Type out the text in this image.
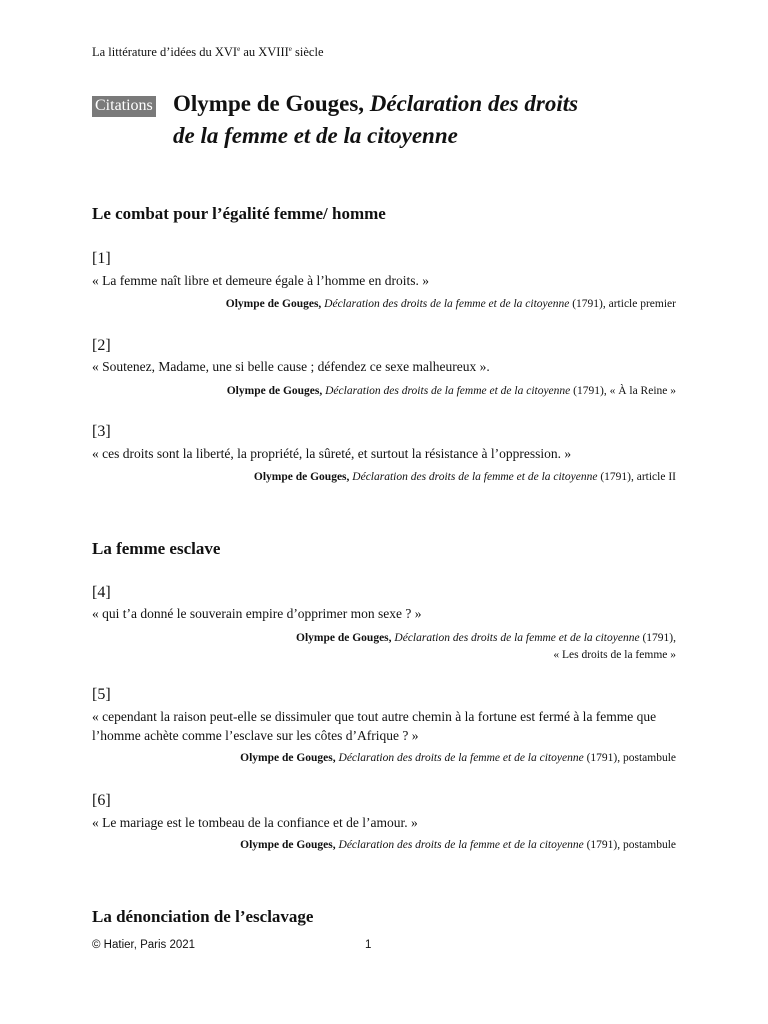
La littérature d’idées du XVIe au XVIIIe siècle
Citations Olympe de Gouges, Déclaration des droits
de la femme et de la citoyenne
Le combat pour l’égalité femme/ homme
[1]
« La femme naît libre et demeure égale à l’homme en droits. »
Olympe de Gouges, Déclaration des droits de la femme et de la citoyenne (1791), article premier
[2]
« Soutenez, Madame, une si belle cause ; défendez ce sexe malheureux ».
Olympe de Gouges, Déclaration des droits de la femme et de la citoyenne (1791), « À la Reine »
[3]
« ces droits sont la liberté, la propriété, la sûreté, et surtout la résistance à l’oppression. »
Olympe de Gouges, Déclaration des droits de la femme et de la citoyenne (1791), article II
La femme esclave
[4]
« qui t’a donné le souverain empire d’opprimer mon sexe ? »
Olympe de Gouges, Déclaration des droits de la femme et de la citoyenne (1791),
« Les droits de la femme »
[5]
« cependant la raison peut-elle se dissimuler que tout autre chemin à la fortune est fermé à la femme que l’homme achète comme l’esclave sur les côtes d’Afrique ? »
Olympe de Gouges, Déclaration des droits de la femme et de la citoyenne (1791), postambule
[6]
« Le mariage est le tombeau de la confiance et de l’amour. »
Olympe de Gouges, Déclaration des droits de la femme et de la citoyenne (1791), postambule
La dénonciation de l’esclavage
© Hatier, Paris 2021	1
